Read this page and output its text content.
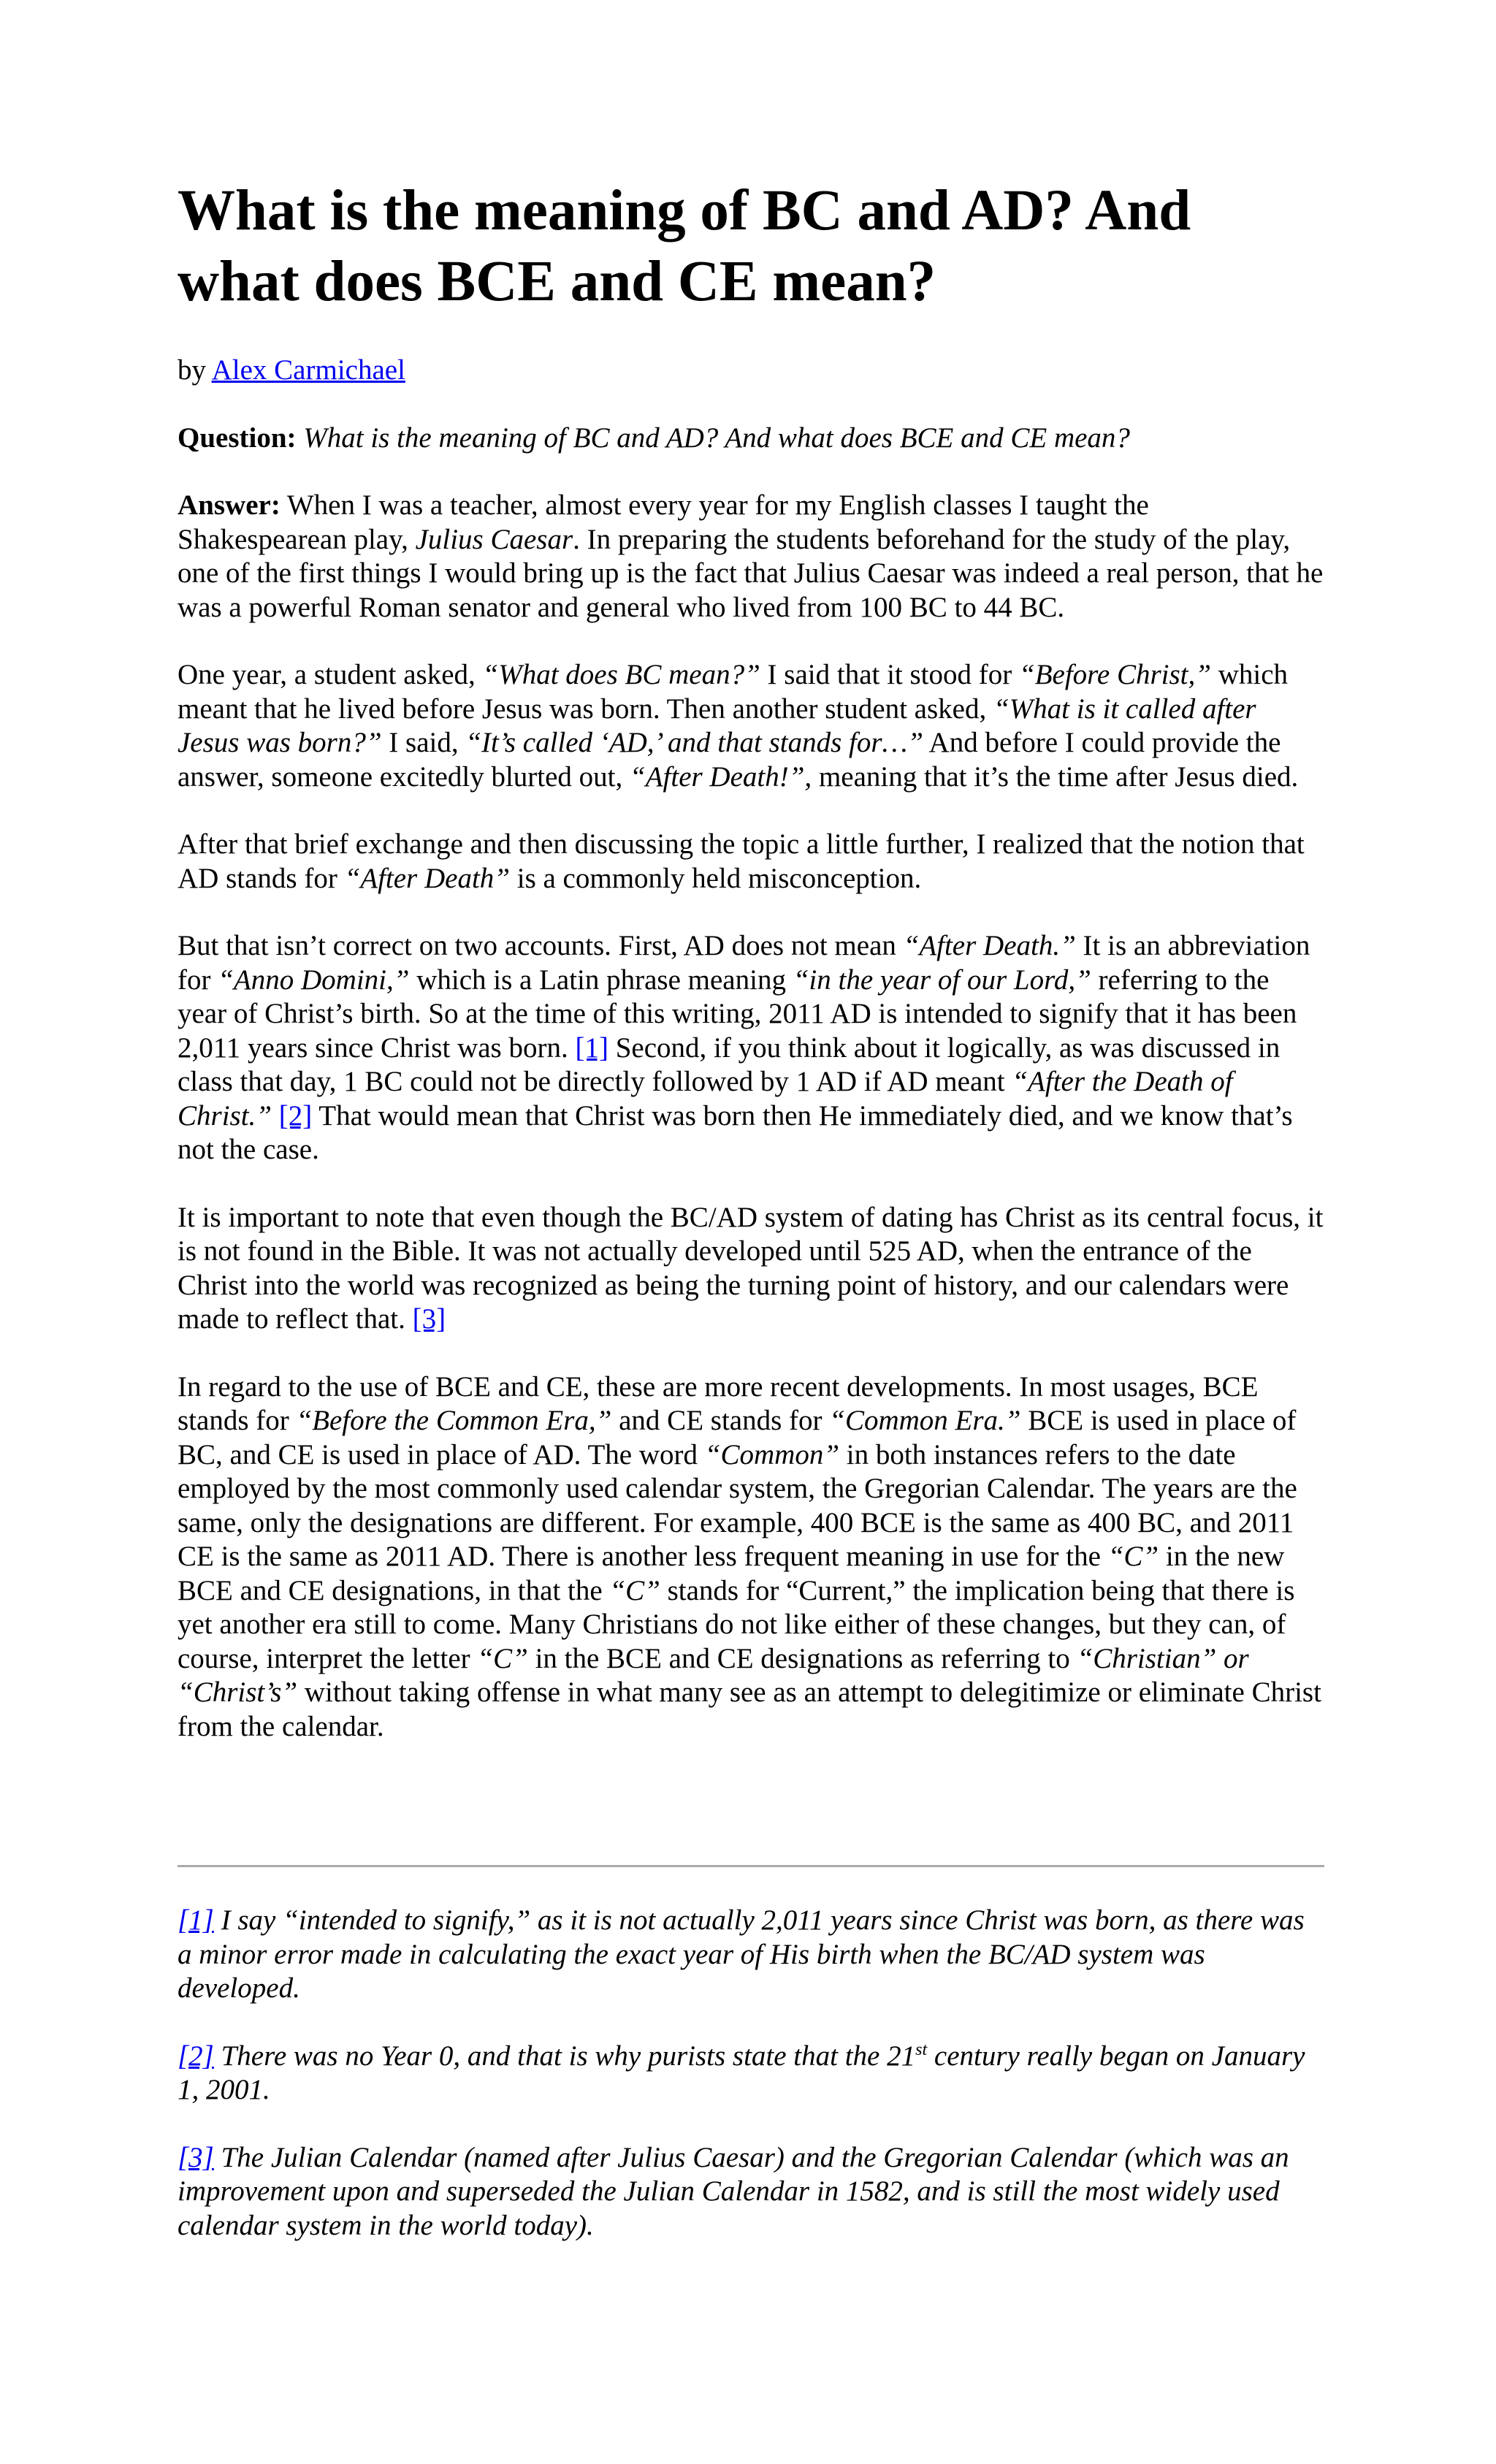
What is the meaning of BC and AD? And what does BCE and CE mean?

by Alex Carmichael

Question: What is the meaning of BC and AD? And what does BCE and CE mean?

Answer: When I was a teacher, almost every year for my English classes I taught the Shakespearean play, Julius Caesar. In preparing the students beforehand for the study of the play, one of the first things I would bring up is the fact that Julius Caesar was indeed a real person, that he was a powerful Roman senator and general who lived from 100 BC to 44 BC.

One year, a student asked, “What does BC mean?” I said that it stood for “Before Christ,” which meant that he lived before Jesus was born. Then another student asked, “What is it called after Jesus was born?” I said, “It’s called ‘AD,’ and that stands for…” And before I could provide the answer, someone excitedly blurted out, “After Death!”, meaning that it’s the time after Jesus died.

After that brief exchange and then discussing the topic a little further, I realized that the notion that AD stands for “After Death” is a commonly held misconception.

But that isn’t correct on two accounts. First, AD does not mean “After Death.” It is an abbreviation for “Anno Domini,” which is a Latin phrase meaning “in the year of our Lord,” referring to the year of Christ’s birth. So at the time of this writing, 2011 AD is intended to signify that it has been 2,011 years since Christ was born. [1] Second, if you think about it logically, as was discussed in class that day, 1 BC could not be directly followed by 1 AD if AD meant “After the Death of Christ.” [2] That would mean that Christ was born then He immediately died, and we know that’s not the case.

It is important to note that even though the BC/AD system of dating has Christ as its central focus, it is not found in the Bible. It was not actually developed until 525 AD, when the entrance of the Christ into the world was recognized as being the turning point of history, and our calendars were made to reflect that. [3]

In regard to the use of BCE and CE, these are more recent developments. In most usages, BCE stands for “Before the Common Era,” and CE stands for “Common Era.” BCE is used in place of BC, and CE is used in place of AD. The word “Common” in both instances refers to the date employed by the most commonly used calendar system, the Gregorian Calendar. The years are the same, only the designations are different. For example, 400 BCE is the same as 400 BC, and 2011 CE is the same as 2011 AD. There is another less frequent meaning in use for the “C” in the new BCE and CE designations, in that the “C” stands for “Current,” the implication being that there is yet another era still to come. Many Christians do not like either of these changes, but they can, of course, interpret the letter “C” in the BCE and CE designations as referring to “Christian” or “Christ’s” without taking offense in what many see as an attempt to delegitimize or eliminate Christ from the calendar.

[1] I say “intended to signify,” as it is not actually 2,011 years since Christ was born, as there was a minor error made in calculating the exact year of His birth when the BC/AD system was developed.

[2] There was no Year 0, and that is why purists state that the 21st century really began on January 1, 2001.

[3] The Julian Calendar (named after Julius Caesar) and the Gregorian Calendar (which was an improvement upon and superseded the Julian Calendar in 1582, and is still the most widely used calendar system in the world today).
